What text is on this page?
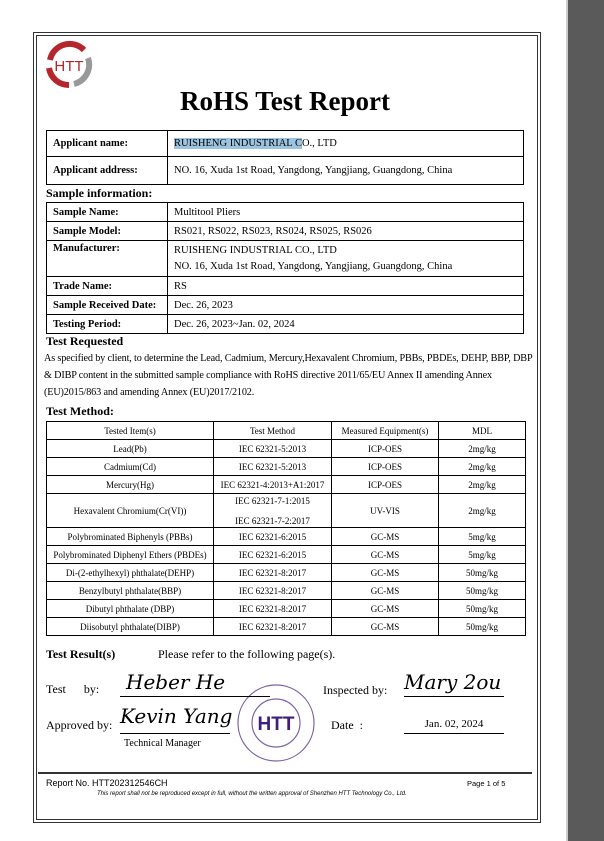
HTT
RoHS Test Report
Applicant name:	RUISHENG INDUSTRIAL CO., LTD
Applicant address:	NO. 16, Xuda 1st Road, Yangdong, Yangjiang, Guangdong, China
Sample information:
Sample Name:	Multitool Pliers
Sample Model:	RS021, RS022, RS023, RS024, RS025, RS026
Manufacturer:	RUISHENG INDUSTRIAL CO., LTD
NO. 16, Xuda 1st Road, Yangdong, Yangjiang, Guangdong, China

Trade Name:	RS
Sample Received Date:	Dec. 26, 2023
Testing Period:	Dec. 26, 2023~Jan. 02, 2024
Test Requested
As specified by client, to determine the Lead, Cadmium, Mercury,Hexavalent Chromium, PBBs, PBDEs, DEHP, BBP, DBP & DIBP content in the submitted sample compliance with RoHS directive 2011/65/EU Annex II amending Annex (EU)2015/863 and amending Annex (EU)2017/2102.
Test Method:
Tested Item(s)	Test Method	Measured Equipment(s)	MDL
Lead(Pb)	IEC 62321-5:2013	ICP-OES	2mg/kg
Cadmium(Cd)	IEC 62321-5:2013	ICP-OES	2mg/kg
Mercury(Hg)	IEC 62321-4:2013+A1:2017	ICP-OES	2mg/kg
Hexavalent Chromium(Cr(VI))	IEC 62321-7-1:2015

IEC 62321-7-2:2017	UV-VIS	2mg/kg
Polybrominated Biphenyls (PBBs)	IEC 62321-6:2015	GC-MS	5mg/kg
Polybrominated Diphenyl Ethers (PBDEs)	IEC 62321-6:2015	GC-MS	5mg/kg
Di-(2-ethylhexyl) phthalate(DEHP)	IEC 62321-8:2017	GC-MS	50mg/kg
Benzylbutyl phthalate(BBP)	IEC 62321-8:2017	GC-MS	50mg/kg
Dibutyl phthalate (DBP)	IEC 62321-8:2017	GC-MS	50mg/kg
Diisobutyl phthalate(DIBP)	IEC 62321-8:2017	GC-MS	50mg/kg
Test Result(s)	Please refer to the following page(s).
HTT
Test      by: Heber He	Inspected by: Mary 2ou
Approved by: Kevin Yang
Technical Manager
Date  :	Jan. 02, 2024
Report No. HTT202312546CH	Page 1 of 5
This report shall not be reproduced except in full, without the written approval of Shenzhen HTT Technology Co., Ltd.
